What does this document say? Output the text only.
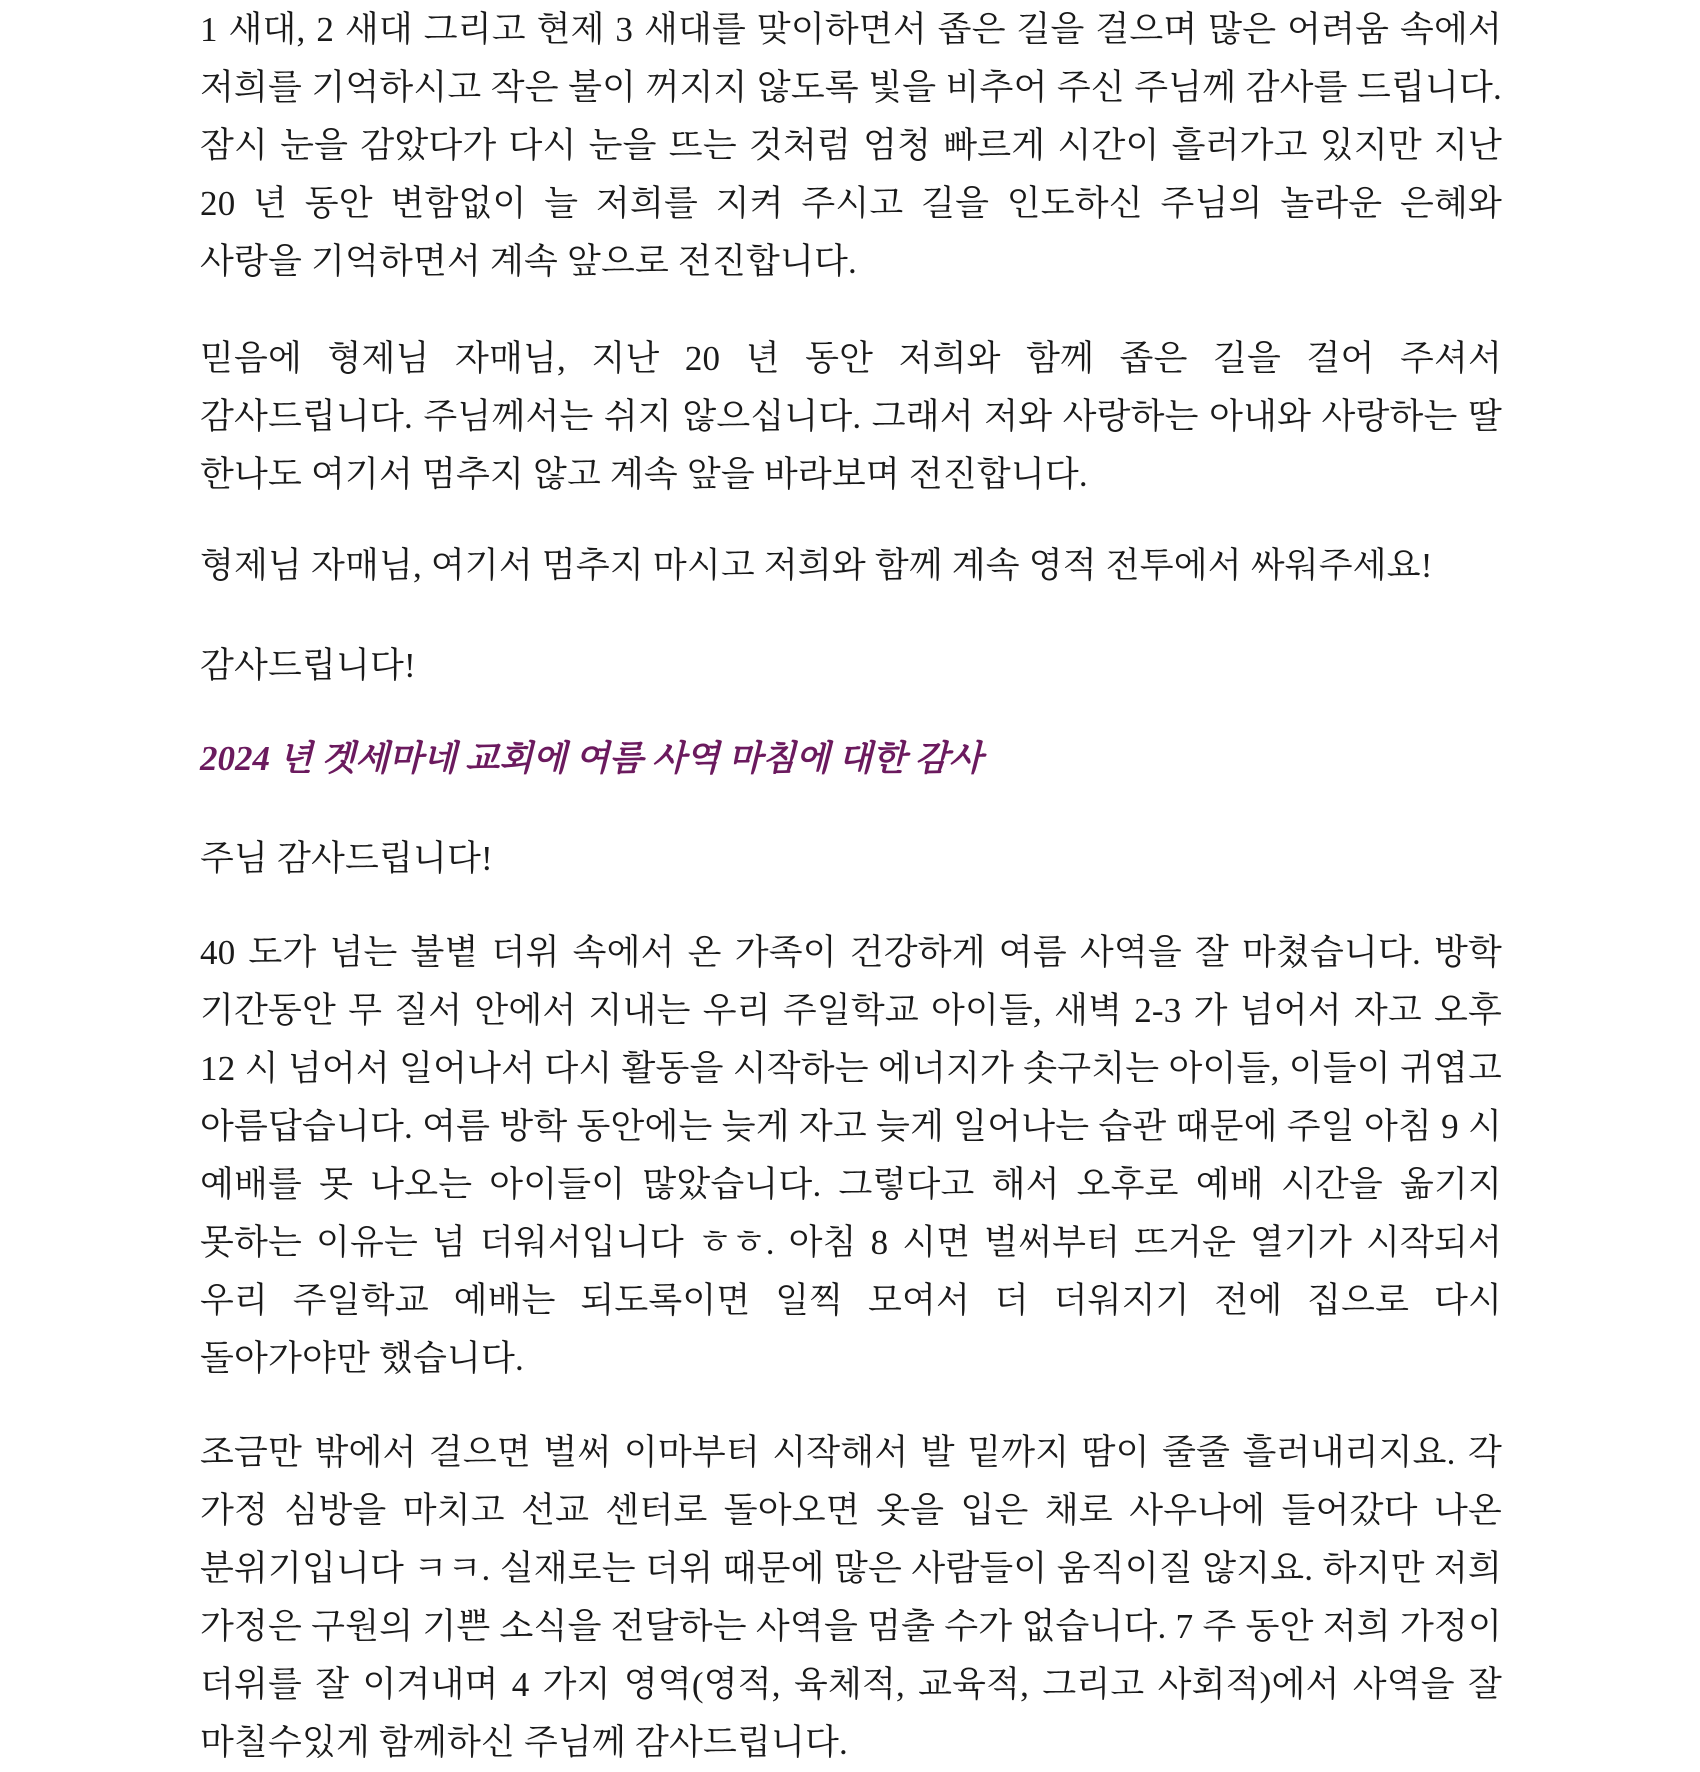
1 새대, 2 새대 그리고 현제 3 새대를 맞이하면서 좁은 길을 걸으며 많은 어려움 속에서 저희를 기억하시고 작은 불이 꺼지지 않도록 빛을 비추어 주신 주님께 감사를 드립니다. 잠시 눈을 감았다가 다시 눈을 뜨는 것처럼 엄청 빠르게 시간이 흘러가고 있지만 지난 20 년 동안 변함없이 늘 저희를 지켜 주시고 길을 인도하신 주님의 놀라운 은혜와 사랑을 기억하면서 계속 앞으로 전진합니다.

믿음에 형제님 자매님, 지난 20 년 동안 저희와 함께 좁은 길을 걸어 주셔서 감사드립니다. 주님께서는 쉬지 않으십니다. 그래서 저와 사랑하는 아내와 사랑하는 딸 한나도 여기서 멈추지 않고 계속 앞을 바라보며 전진합니다.

형제님 자매님, 여기서 멈추지 마시고 저희와 함께 계속 영적 전투에서 싸워주세요!

감사드립니다!

2024 년 겟세마네 교회에 여름 사역 마침에 대한 감사

주님 감사드립니다!

40 도가 넘는 불볕 더위 속에서 온 가족이 건강하게 여름 사역을 잘 마쳤습니다. 방학 기간동안 무 질서 안에서 지내는 우리 주일학교 아이들, 새벽 2-3 가 넘어서 자고 오후 12 시 넘어서 일어나서 다시 활동을 시작하는 에너지가 솟구치는 아이들, 이들이 귀엽고 아름답습니다. 여름 방학 동안에는 늦게 자고 늦게 일어나는 습관 때문에 주일 아침 9 시 예배를 못 나오는 아이들이 많았습니다. 그렇다고 해서 오후로 예배 시간을 옮기지 못하는 이유는 넘 더워서입니다 ㅎㅎ. 아침 8 시면 벌써부터 뜨거운 열기가 시작되서 우리 주일학교 예배는 되도록이면 일찍 모여서 더 더워지기 전에 집으로 다시 돌아가야만 했습니다.

조금만 밖에서 걸으면 벌써 이마부터 시작해서 발 밑까지 땀이 줄줄 흘러내리지요. 각 가정 심방을 마치고 선교 센터로 돌아오면 옷을 입은 채로 사우나에 들어갔다 나온 분위기입니다 ㅋㅋ. 실재로는 더위 때문에 많은 사람들이 움직이질 않지요. 하지만 저희 가정은 구원의 기쁜 소식을 전달하는 사역을 멈출 수가 없습니다. 7 주 동안 저희 가정이 더위를 잘 이겨내며 4 가지 영역(영적, 육체적, 교육적, 그리고 사회적)에서 사역을 잘 마칠수있게 함께하신 주님께 감사드립니다.
